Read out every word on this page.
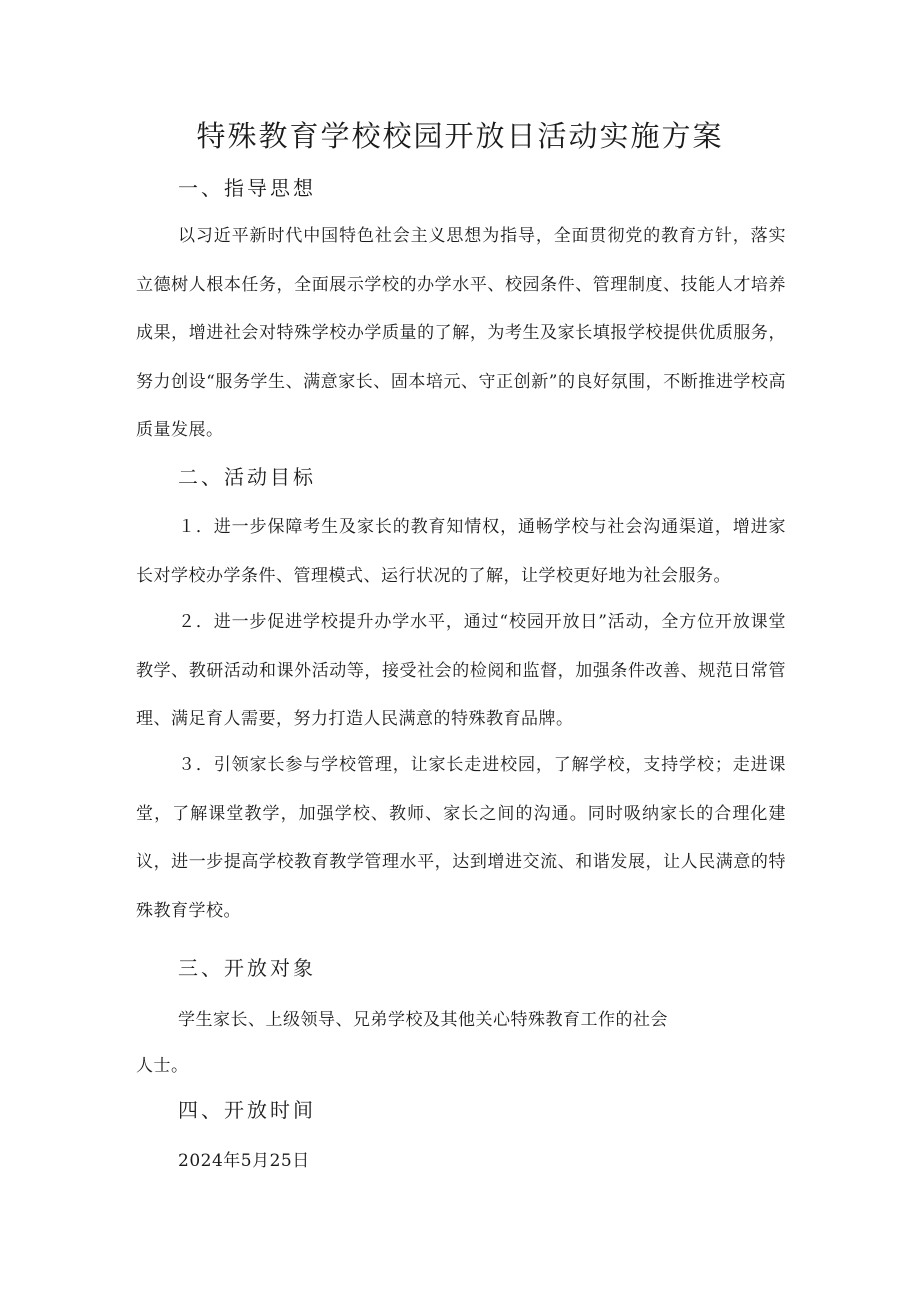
特殊教育学校校园开放日活动实施方案
一、指导思想

以习近平新时代中国特色社会主义思想为指导，全面贯彻党的教育方针，落实立德树人根本任务，全面展示学校的办学水平、校园条件、管理制度、技能人才培养成果，增进社会对特殊学校办学质量的了解，为考生及家长填报学校提供优质服务，努力创设“服务学生、满意家长、固本培元、守正创新”的良好氛围，不断推进学校高质量发展。

二、活动目标

１．进一步保障考生及家长的教育知情权，通畅学校与社会沟通渠道，增进家长对学校办学条件、管理模式、运行状况的了解，让学校更好地为社会服务。

２．进一步促进学校提升办学水平，通过“校园开放日”活动，全方位开放课堂教学、教研活动和课外活动等，接受社会的检阅和监督，加强条件改善、规范日常管理、满足育人需要，努力打造人民满意的特殊教育品牌。

３．引领家长参与学校管理，让家长走进校园，了解学校，支持学校；走进课堂，了解课堂教学，加强学校、教师、家长之间的沟通。同时吸纳家长的合理化建议，进一步提高学校教育教学管理水平，达到增进交流、和谐发展，让人民满意的特殊教育学校。

三、开放对象
学生家长、上级领导、兄弟学校及其他关心特殊教育工作的社会
人士。
四、开放时间
2024年5月25日
